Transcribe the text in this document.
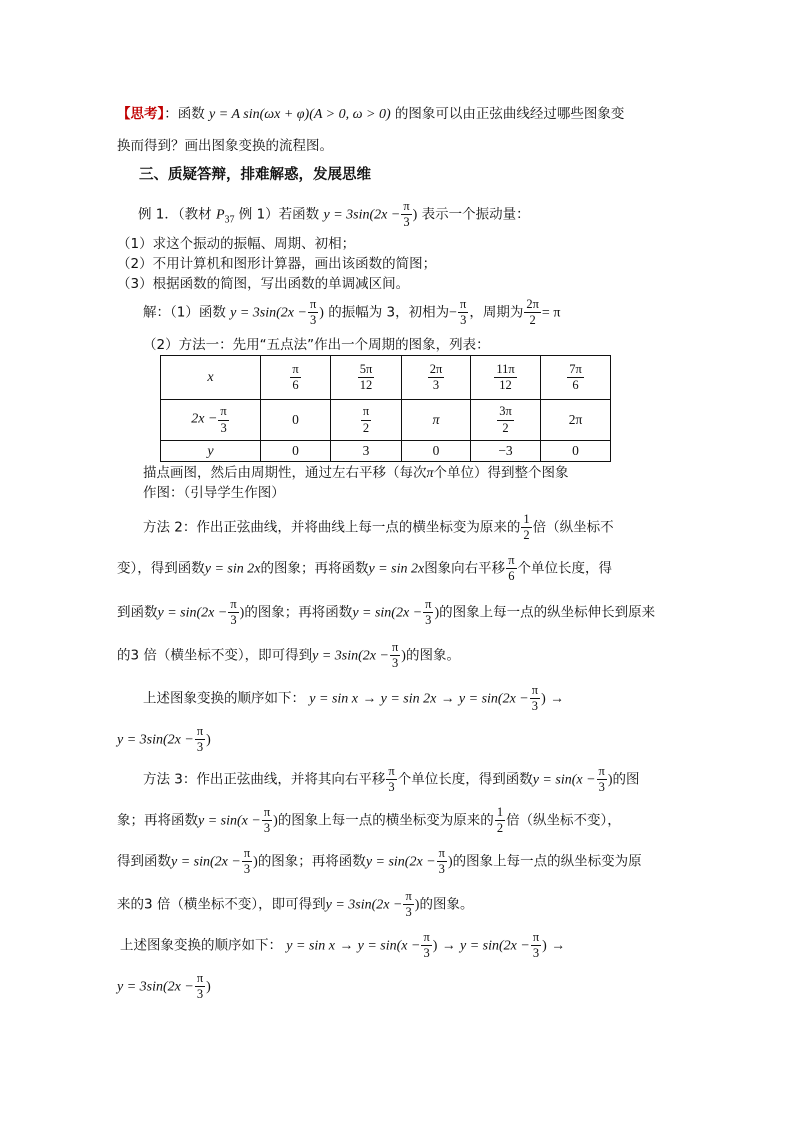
【思考】：函数 y = A sin(ωx + φ)(A > 0, ω > 0) 的图象可以由正弦曲线经过哪些图象变
换而得到？画出图象变换的流程图。
三、质疑答辩，排难解惑，发展思维
例 1．（教材 $P_{37}$ 例 1）若函数 $y = 3\sin(2x - \frac{\pi}{3}$ ) 表示一个振动量：
（1）求这个振动的振幅、周期、初相；
（2）不用计算机和图形计算器，画出该函数的简图；
（3）根据函数的简图，写出函数的单调减区间。
解：（1）函数 $y = 3\sin(2x - \frac{\pi}{3}$ ) 的振幅为 3，初相为− $\frac{\pi}{3}$ ，周期为 $\frac{2\pi}{2} = \pi$
（2）方法一：先用“五点法”作出一个周期的图象，列表：
x	$\frac{\pi}{6}$	$\frac{5\pi}{12}$	$\frac{2\pi}{3}$	$\frac{11\pi}{12}$	$\frac{7\pi}{6}$

$2x - \frac{\pi}{3}$	0	$\frac{\pi}{2}$	π	$\frac{3\pi}{2}$	2π
y	0	3	0	−3	0
描点画图，然后由周期性，通过左右平移（每次π个单位）得到整个图象
作图：（引导学生作图）
方法 2：作出正弦曲线，并将曲线上每一点的横坐标变为原来的 $\frac{1}{2}$ 倍（纵坐标不
变），得到函数y = sin 2x的图象；再将函数y = sin 2x图象向右平移 $\frac{\pi}{6}$ 个单位长度，得
到函数$y = \sin(2x - \frac{\pi}{3}$ )的图象；再将函数$y = \sin(2x - \frac{\pi}{3}$ )的图象上每一点的纵坐标伸长到原来
的3 倍（横坐标不变），即可得到$y = 3\sin(2x - \frac{\pi}{3}$ )的图象。
上述图象变换的顺序如下： $y = \sin x \to y = \sin 2x \to y = \sin(2x - \frac{\pi}{3}$ ) →
$y = 3\sin(2x - \frac{\pi}{3}$ )
方法 3：作出正弦曲线，并将其向右平移 $\frac{\pi}{3}$ 个单位长度，得到函数$y = \sin(x - \frac{\pi}{3}$ )的图
象；再将函数$y = \sin(x - \frac{\pi}{3}$ )的图象上每一点的横坐标变为原来的 $\frac{1}{2}$ 倍（纵坐标不变），
得到函数$y = \sin(2x - \frac{\pi}{3}$ )的图象；再将函数$y = \sin(2x - \frac{\pi}{3}$ )的图象上每一点的纵坐标变为原
来的3 倍（横坐标不变），即可得到$y = 3\sin(2x - \frac{\pi}{3}$ )的图象。
上述图象变换的顺序如下： $y = \sin x \to y = \sin(x - \frac{\pi}{3}$ ) → $y = \sin(2x - \frac{\pi}{3}$ ) →
$y = 3\sin(2x - \frac{\pi}{3}$ )
